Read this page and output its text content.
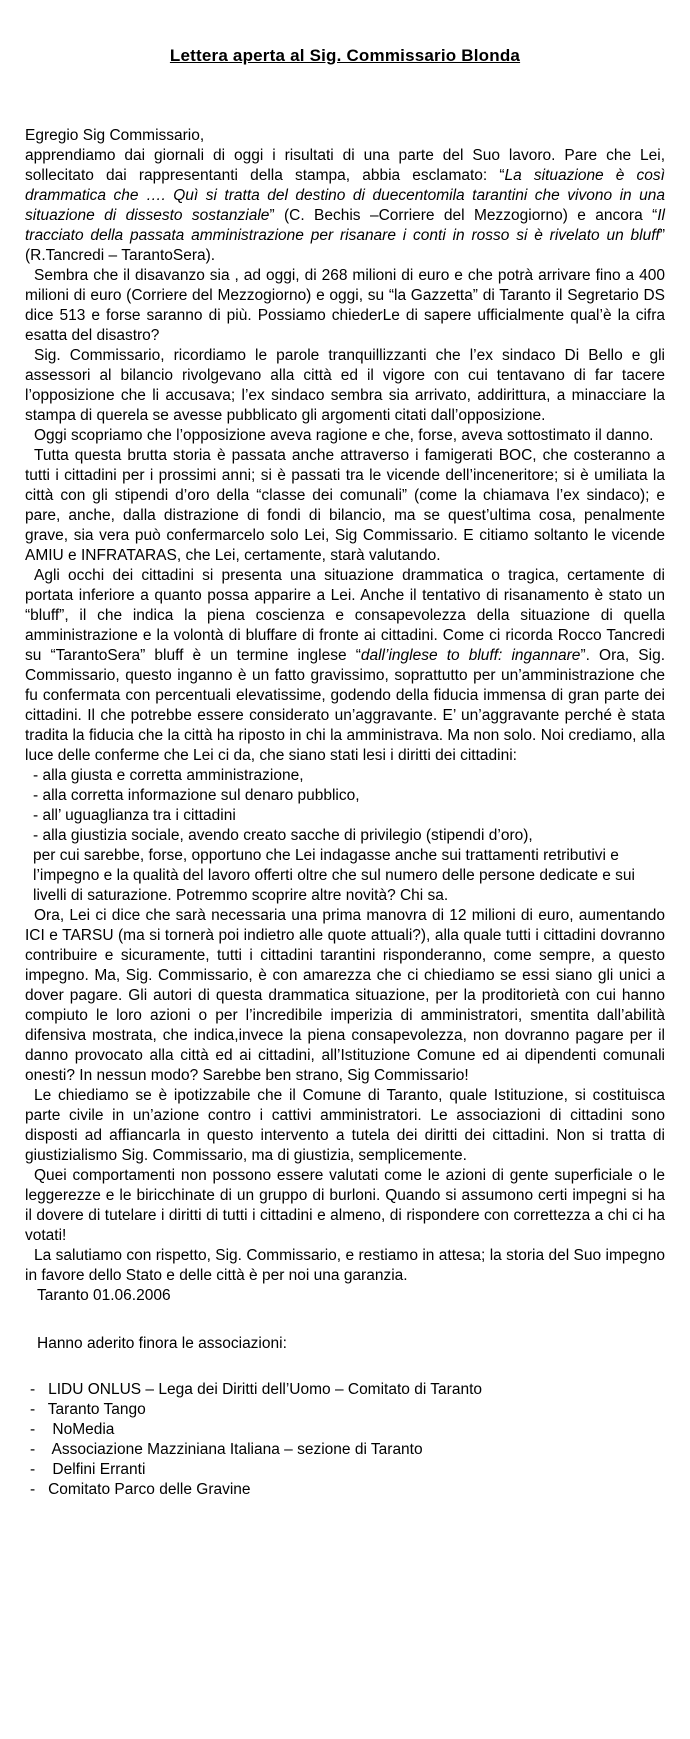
Lettera aperta al Sig. Commissario Blonda

Egregio Sig Commissario,

apprendiamo dai giornali di oggi i risultati di una parte del Suo lavoro. Pare che Lei, sollecitato dai rappresentanti della stampa, abbia esclamato: “La situazione è così drammatica che …. Quì si tratta del destino di duecentomila tarantini che vivono in una situazione di dissesto sostanziale” (C. Bechis –Corriere del Mezzogiorno) e ancora “Il tracciato della passata amministrazione per risanare i conti in rosso si è rivelato un bluff” (R.Tancredi – TarantoSera).

Sembra che il disavanzo sia , ad oggi, di 268 milioni di euro e che potrà arrivare fino a 400 milioni di euro (Corriere del Mezzogiorno) e oggi, su “la Gazzetta” di Taranto il Segretario DS dice 513 e forse saranno di più. Possiamo chiederLe di sapere ufficialmente qual’è la cifra esatta del disastro?

Sig. Commissario, ricordiamo le parole tranquillizzanti che l’ex sindaco Di Bello e gli assessori al bilancio rivolgevano alla città ed il vigore con cui tentavano di far tacere l’opposizione che li accusava; l’ex sindaco sembra sia arrivato, addirittura, a minacciare la stampa di querela se avesse pubblicato gli argomenti citati dall’opposizione.

Oggi scopriamo che l’opposizione aveva ragione e che, forse, aveva sottostimato il danno.

Tutta questa brutta storia è passata anche attraverso i famigerati BOC, che costeranno a tutti i cittadini per i prossimi anni; si è passati tra le vicende dell’inceneritore; si è umiliata la città con gli stipendi d’oro della “classe dei comunali” (come la chiamava l’ex sindaco); e pare, anche, dalla distrazione di fondi di bilancio, ma se quest’ultima cosa, penalmente grave, sia vera può confermarcelo solo Lei, Sig Commissario. E citiamo soltanto le vicende AMIU e INFRATARAS, che Lei, certamente, starà valutando.

Agli occhi dei cittadini si presenta una situazione drammatica o tragica, certamente di portata inferiore a quanto possa apparire a Lei. Anche il tentativo di risanamento è stato un “bluff”, il che indica la piena coscienza e consapevolezza della situazione di quella amministrazione e la volontà di bluffare di fronte ai cittadini. Come ci ricorda Rocco Tancredi su “TarantoSera” bluff è un termine inglese “dall’inglese to bluff: ingannare”. Ora, Sig. Commissario, questo inganno è un fatto gravissimo, soprattutto per un’amministrazione che fu confermata con percentuali elevatissime, godendo della fiducia immensa di gran parte dei cittadini. Il che potrebbe essere considerato un’aggravante. E’ un’aggravante perché è stata tradita la fiducia che la città ha riposto in chi la amministrava. Ma non solo. Noi crediamo, alla luce delle conferme che Lei ci da, che siano stati lesi i diritti dei cittadini:

- alla giusta e corretta amministrazione,
- alla corretta informazione sul denaro pubblico,
- all’ uguaglianza tra i cittadini
- alla giustizia sociale, avendo creato sacche di privilegio (stipendi d’oro),

per cui sarebbe, forse, opportuno che Lei indagasse anche sui trattamenti retributivi e l’impegno e la qualità del lavoro offerti oltre che sul numero delle persone dedicate e sui livelli di saturazione. Potremmo scoprire altre novità? Chi sa.

Ora, Lei ci dice che sarà necessaria una prima manovra di 12 milioni di euro, aumentando ICI e TARSU (ma si tornerà poi indietro alle quote attuali?), alla quale tutti i cittadini dovranno contribuire e sicuramente, tutti i cittadini tarantini risponderanno, come sempre, a questo impegno. Ma, Sig. Commissario, è con amarezza che ci chiediamo se essi siano gli unici a dover pagare. Gli autori di questa drammatica situazione, per la proditorietà con cui hanno compiuto le loro azioni o per l’incredibile imperizia di amministratori, smentita dall’abilità difensiva mostrata, che indica,invece la piena consapevolezza, non dovranno pagare per il danno provocato alla città ed ai cittadini, all’Istituzione Comune ed ai dipendenti comunali onesti? In nessun modo? Sarebbe ben strano, Sig Commissario!

Le chiediamo se è ipotizzabile che il Comune di Taranto, quale Istituzione, si costituisca parte civile in un’azione contro i cattivi amministratori. Le associazioni di cittadini sono disposti ad affiancarla in questo intervento a tutela dei diritti dei cittadini. Non si tratta di giustizialismo Sig. Commissario, ma di giustizia, semplicemente.

Quei comportamenti non possono essere valutati come le azioni di gente superficiale o le leggerezze e le biricchinate di un gruppo di burloni. Quando si assumono certi impegni si ha il dovere di tutelare i diritti di tutti i cittadini e almeno, di rispondere con correttezza a chi ci ha votati!

La salutiamo con rispetto, Sig. Commissario, e restiamo in attesa; la storia del Suo impegno in favore dello Stato e delle città è per noi una garanzia.

Taranto 01.06.2006

Hanno aderito finora le associazioni:

-   LIDU ONLUS – Lega dei Diritti dell’Uomo – Comitato di Taranto
-   Taranto Tango
-    NoMedia
-    Associazione Mazziniana Italiana – sezione di Taranto
-    Delfini Erranti
-   Comitato Parco delle Gravine
